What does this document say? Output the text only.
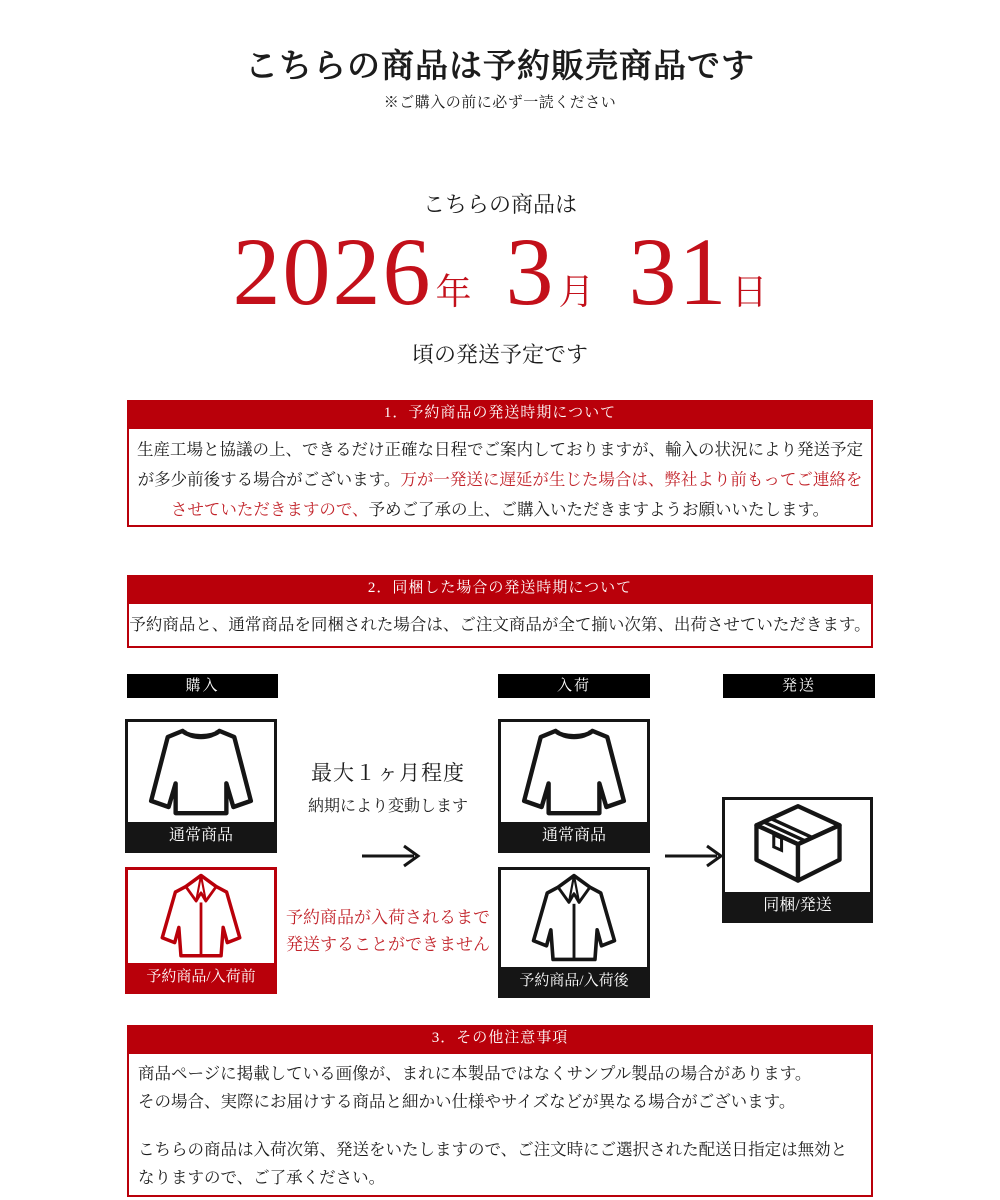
こちらの商品は予約販売商品です
※ご購入の前に必ず一読ください
こちらの商品は
2026年 3月 31日
頃の発送予定です
1．予約商品の発送時期について
生産工場と協議の上、できるだけ正確な日程でご案内しておりますが、輸入の状況により発送予定が多少前後する場合がございます。万が一発送に遅延が生じた場合は、弊社より前もってご連絡をさせていただきますので、予めご了承の上、ご購入いただきますようお願いいたします。
2．同梱した場合の発送時期について
予約商品と、通常商品を同梱された場合は、ご注文商品が全て揃い次第、出荷させていただきます。
購入	入荷	発送
通常商品
予約商品/入荷前
最大１ヶ月程度
納期により変動します
予約商品が入荷されるまで
発送することができません
通常商品
予約商品/入荷後
同梱/発送
3．その他注意事項
商品ページに掲載している画像が、まれに本製品ではなくサンプル製品の場合があります。
その場合、実際にお届けする商品と細かい仕様やサイズなどが異なる場合がございます。
こちらの商品は入荷次第、発送をいたしますので、ご注文時にご選択された配送日指定は無効となりますので、ご了承ください。
